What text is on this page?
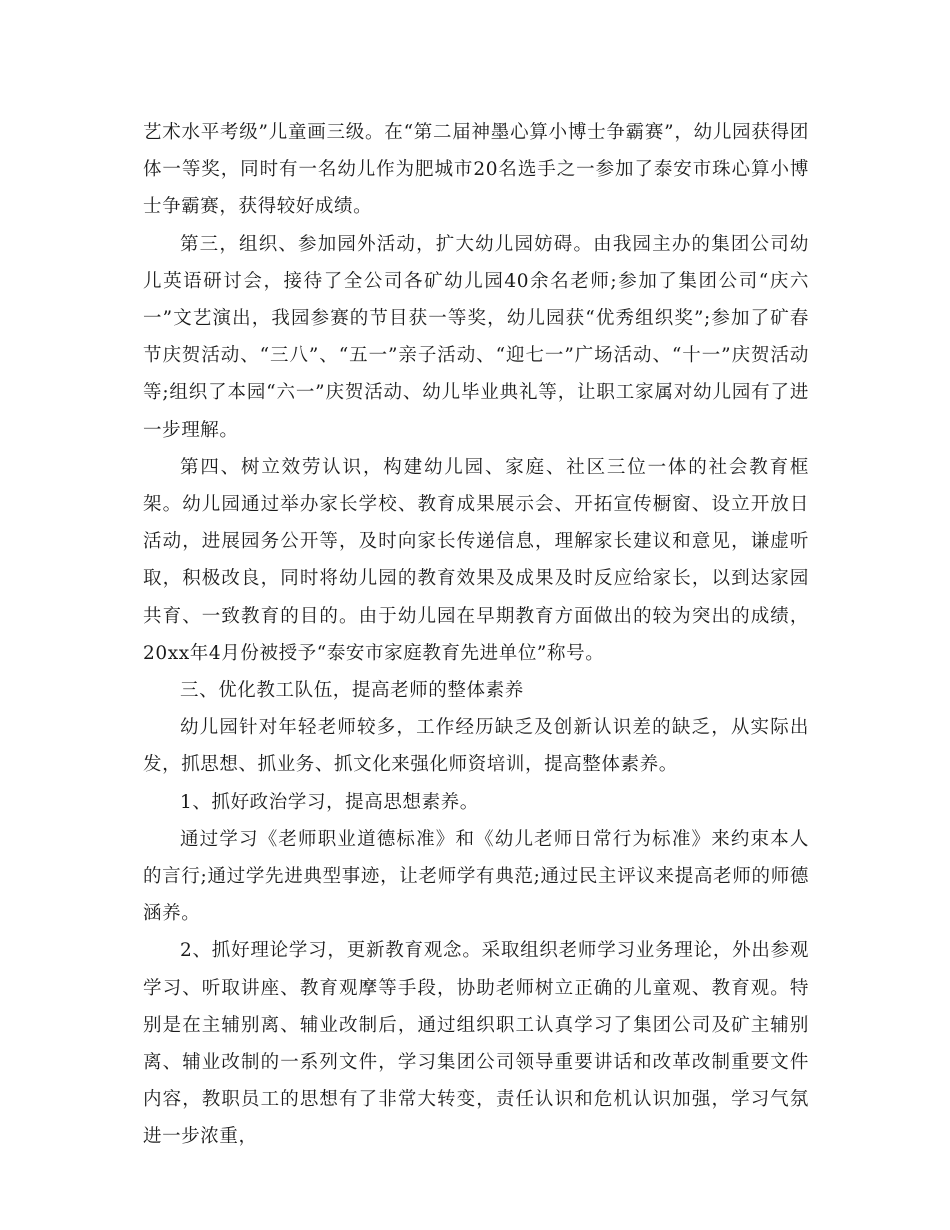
艺术水平考级”儿童画三级。在“第二届神墨心算小博士争霸赛”，幼儿园获得团体一等奖，同时有一名幼儿作为肥城市20名选手之一参加了泰安市珠心算小博士争霸赛，获得较好成绩。

第三，组织、参加园外活动，扩大幼儿园妨碍。由我园主办的集团公司幼儿英语研讨会，接待了全公司各矿幼儿园40余名老师;参加了集团公司“庆六一”文艺演出，我园参赛的节目获一等奖，幼儿园获“优秀组织奖”;参加了矿春节庆贺活动、“三八”、“五一”亲子活动、“迎七一”广场活动、“十一”庆贺活动等;组织了本园“六一”庆贺活动、幼儿毕业典礼等，让职工家属对幼儿园有了进一步理解。

第四、树立效劳认识，构建幼儿园、家庭、社区三位一体的社会教育框架。幼儿园通过举办家长学校、教育成果展示会、开拓宣传橱窗、设立开放日活动，进展园务公开等，及时向家长传递信息，理解家长建议和意见，谦虚听取，积极改良，同时将幼儿园的教育效果及成果及时反应给家长，以到达家园共育、一致教育的目的。由于幼儿园在早期教育方面做出的较为突出的成绩，20xx年4月份被授予“泰安市家庭教育先进单位”称号。

三、优化教工队伍，提高老师的整体素养

幼儿园针对年轻老师较多，工作经历缺乏及创新认识差的缺乏，从实际出发，抓思想、抓业务、抓文化来强化师资培训，提高整体素养。

1、抓好政治学习，提高思想素养。

通过学习《老师职业道德标准》和《幼儿老师日常行为标准》来约束本人的言行;通过学先进典型事迹，让老师学有典范;通过民主评议来提高老师的师德涵养。

2、抓好理论学习，更新教育观念。采取组织老师学习业务理论，外出参观学习、听取讲座、教育观摩等手段，协助老师树立正确的儿童观、教育观。特别是在主辅别离、辅业改制后，通过组织职工认真学习了集团公司及矿主辅别离、辅业改制的一系列文件，学习集团公司领导重要讲话和改革改制重要文件内容，教职员工的思想有了非常大转变，责任认识和危机认识加强，学习气氛进一步浓重，
